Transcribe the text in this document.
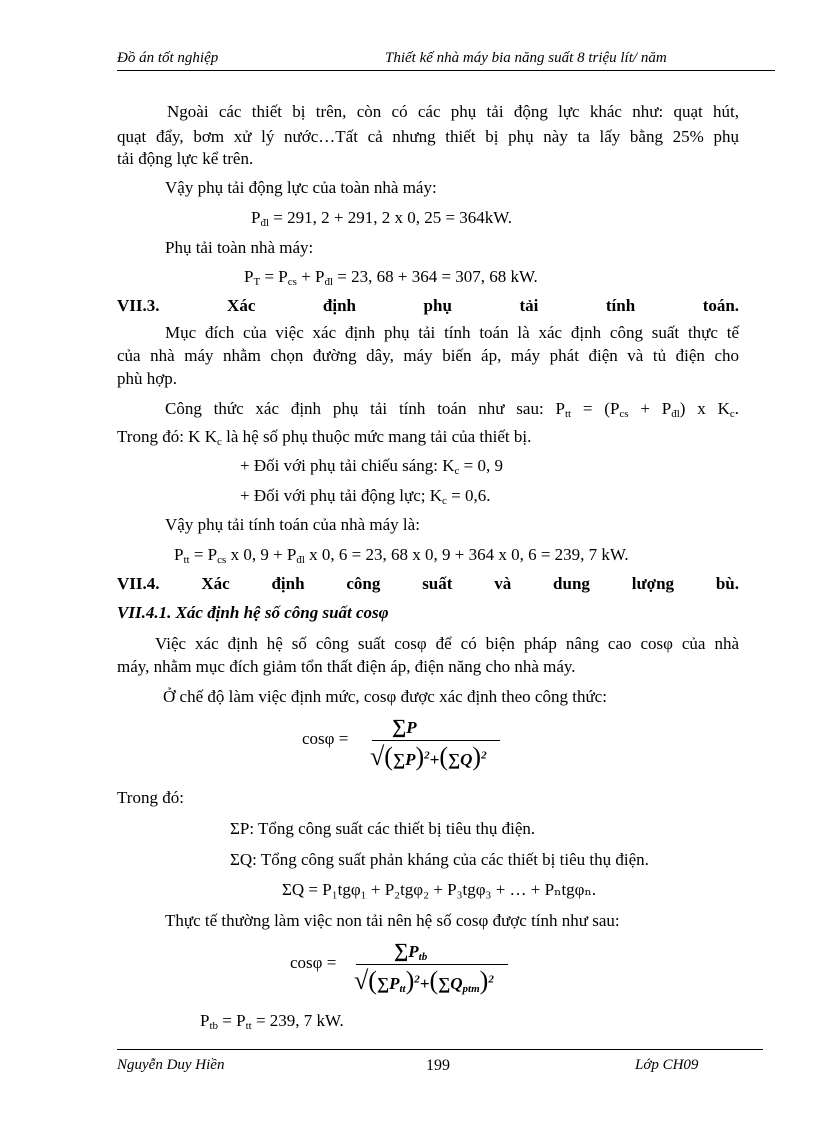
Đồ án tốt nghiệp	Thiết kế nhà máy bia năng suất 8 triệu lít/ năm
Ngoài các thiết bị trên, còn có các phụ tải động lực khác như: quạt hút,
quạt đẩy, bơm xử lý nước…Tất cả nhưng thiết bị phụ này ta lấy bằng 25% phụ
tải động lực kể trên.
Vậy phụ tải động lực của toàn nhà máy:
$P_{đl} = 291$, 2 + 291, 2 x 0, 25 = 364kW.
Phụ tải toàn nhà máy:
$P_T = P_{cs} + P_{đl} = 23$, 68 + 364 = 307, 68 kW.
VII.3.	Xác	định	phụ	tải	tính	toán.
Mục đích của việc xác định phụ tải tính toán là xác định công suất thực tế
của nhà máy nhằm chọn đường dây, máy biến áp, máy phát điện và tủ điện cho
phù hợp.
Công thức xác định phụ tải tính toán như sau: $P_{tt} = (P_{cs} + P_{đl})$ x $K_c$.
Trong đó: K $K_c$ là hệ số phụ thuộc mức mang tải của thiết bị.
+ Đối với phụ tải chiếu sáng: $K_c = 0$, 9
+ Đối với phụ tải động lực; $K_c = 0,6$.
Vậy phụ tải tính toán của nhà máy là:
$P_{tt} = P_{cs}$ x 0, $9 + P_{đl}$ x 0, 6 = 23, 68 x 0, 9 + 364 x 0, 6 = 239, 7 kW.
VII.4. Xác định công suất và dung lượng bù.
VII.4.1. Xác định hệ số công suất cosφ
Việc xác định hệ số công suất cosφ để có biện pháp nâng cao cosφ của nhà
máy, nhằm mục đích giảm tổn thất điện áp, điện năng cho nhà máy.
Ở chế độ làm việc định mức, cosφ được xác định theo công thức:
cosφ =
∑P
$√(\sum P)^2+(\sum Q)^2$
Trong đó:
ΣP: Tổng công suất các thiết bị tiêu thụ điện.
ΣQ: Tổng công suất phản kháng của các thiết bị tiêu thụ điện.
ΣQ = P₁tgφ₁ + P₂tgφ₂ + P₃tgφ₃ + … + Pₙtgφₙ.
Thực tế thường làm việc non tải nên hệ số cosφ được tính như sau:
cosφ =
$\sum P_{tb}$
$√(\sum P_{tt})^2+(\sum Q_{ptm})^2$
$P_{tb} = P_{tt} = 239$, 7 kW.
Nguyễn Duy Hiền	199	Lớp CH09
